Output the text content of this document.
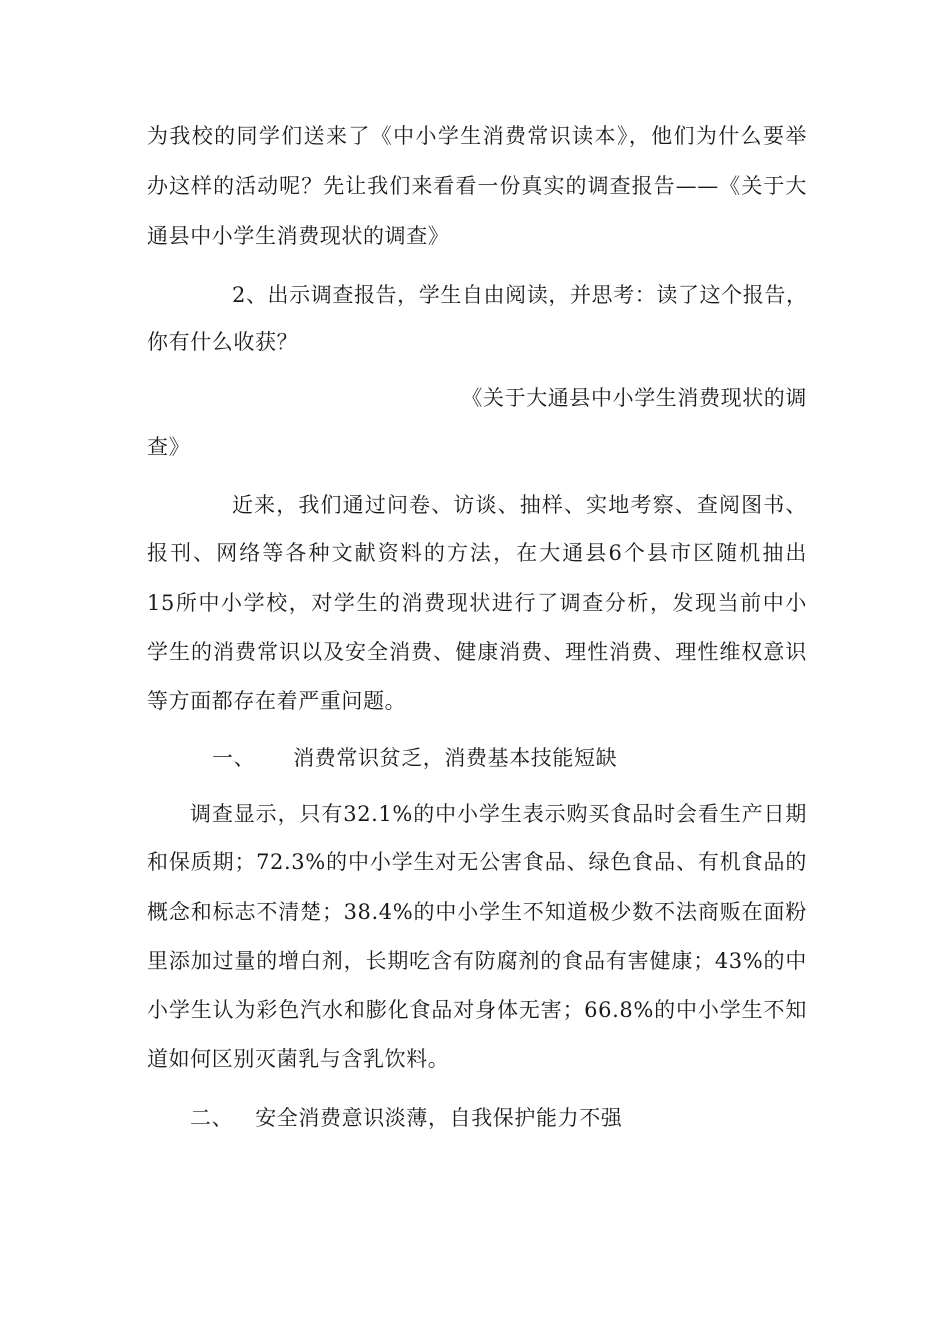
为我校的同学们送来了《中小学生消费常识读本》，他们为什么要举
办这样的活动呢？先让我们来看看一份真实的调查报告——《关于大
通县中小学生消费现状的调查》
2、出示调查报告，学生自由阅读，并思考：读了这个报告，
你有什么收获？
《关于大通县中小学生消费现状的调
查》
近来，我们通过问卷、访谈、抽样、实地考察、查阅图书、
报刊、网络等各种文献资料的方法，在大通县6个县市区随机抽出
15所中小学校，对学生的消费现状进行了调查分析，发现当前中小
学生的消费常识以及安全消费、健康消费、理性消费、理性维权意识
等方面都存在着严重问题。
一、 消费常识贫乏，消费基本技能短缺
调查显示，只有32.1%的中小学生表示购买食品时会看生产日期
和保质期；72.3%的中小学生对无公害食品、绿色食品、有机食品的
概念和标志不清楚；38.4%的中小学生不知道极少数不法商贩在面粉
里添加过量的增白剂，长期吃含有防腐剂的食品有害健康；43%的中
小学生认为彩色汽水和膨化食品对身体无害；66.8%的中小学生不知
道如何区别灭菌乳与含乳饮料。
二、 安全消费意识淡薄，自我保护能力不强
